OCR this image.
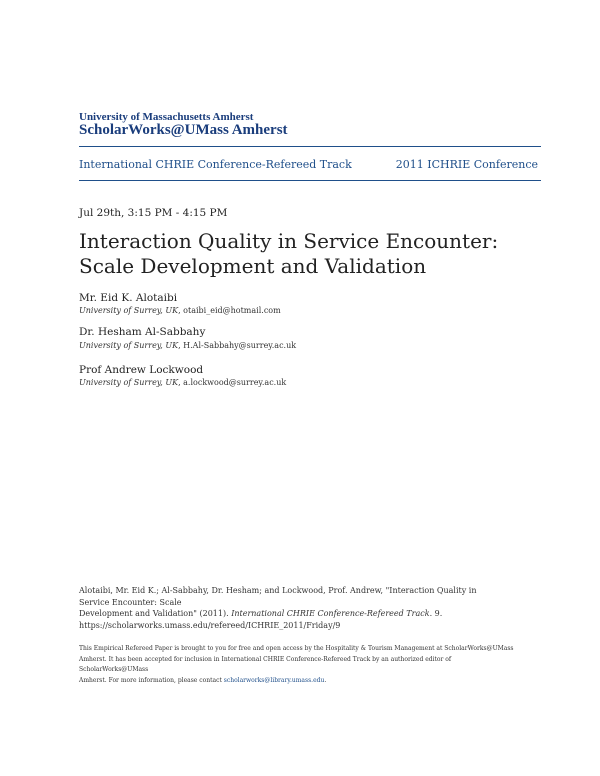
University of Massachusetts Amherst
ScholarWorks@UMass Amherst
International CHRIE Conference-Refereed Track	2011 ICHRIE Conference
Jul 29th, 3:15 PM - 4:15 PM
Interaction Quality in Service Encounter: Scale Development and Validation
Mr. Eid K. Alotaibi
University of Surrey, UK, otaibi_eid@hotmail.com
Dr. Hesham Al-Sabbahy
University of Surrey, UK, H.Al-Sabbahy@surrey.ac.uk
Prof Andrew Lockwood
University of Surrey, UK, a.lockwood@surrey.ac.uk
Alotaibi, Mr. Eid K.; Al-Sabbahy, Dr. Hesham; and Lockwood, Prof. Andrew, "Interaction Quality in Service Encounter: Scale
Development and Validation" (2011). International CHRIE Conference-Refereed Track. 9.
https://scholarworks.umass.edu/refereed/ICHRIE_2011/Friday/9
This Empirical Refereed Paper is brought to you for free and open access by the Hospitality & Tourism Management at ScholarWorks@UMass
Amherst. It has been accepted for inclusion in International CHRIE Conference-Refereed Track by an authorized editor of ScholarWorks@UMass
Amherst. For more information, please contact scholarworks@library.umass.edu.
